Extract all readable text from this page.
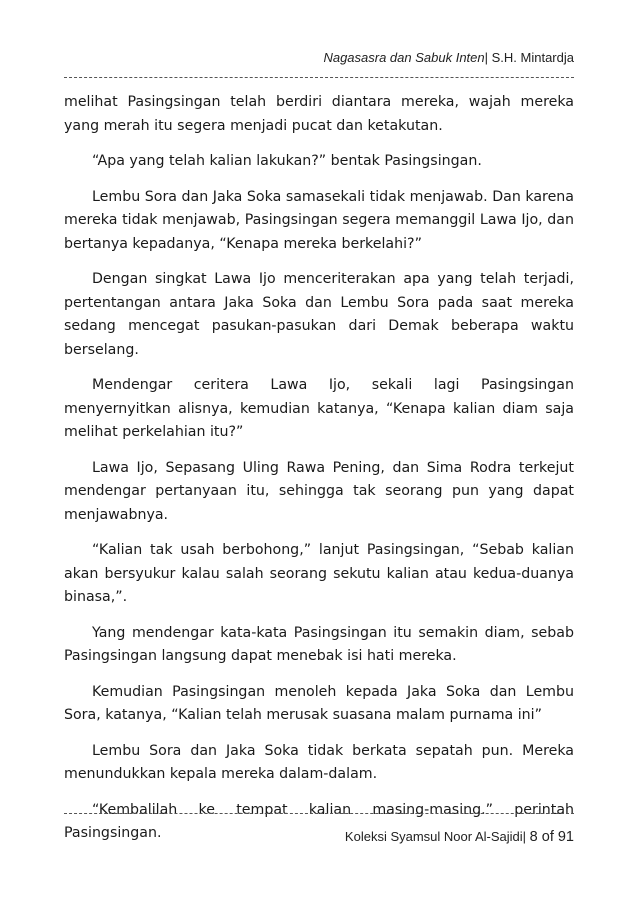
Nagasasra dan Sabuk Inten| S.H. Mintardja

melihat Pasingsingan telah berdiri diantara mereka, wajah mereka yang merah itu segera menjadi pucat dan ketakutan.

“Apa yang telah kalian lakukan?” bentak Pasingsingan.

Lembu Sora dan Jaka Soka samasekali tidak menjawab. Dan karena mereka tidak menjawab, Pasingsingan segera memanggil Lawa Ijo, dan bertanya kepadanya, “Kenapa mereka berkelahi?”

Dengan singkat Lawa Ijo menceriterakan apa yang telah terjadi, pertentangan antara Jaka Soka dan Lembu Sora pada saat mereka sedang mencegat pasukan-pasukan dari Demak beberapa waktu berselang.

Mendengar ceritera Lawa Ijo, sekali lagi Pasingsingan menyernyitkan alisnya, kemudian katanya, “Kenapa kalian diam saja melihat perkelahian itu?”

Lawa Ijo, Sepasang Uling Rawa Pening, dan Sima Rodra terkejut mendengar pertanyaan itu, sehingga tak seorang pun yang dapat menjawabnya.

“Kalian tak usah berbohong,” lanjut Pasingsingan, “Sebab kalian akan bersyukur kalau salah seorang sekutu kalian atau kedua-duanya binasa,”.

Yang mendengar kata-kata Pasingsingan itu semakin diam, sebab Pasingsingan langsung dapat menebak isi hati mereka.

Kemudian Pasingsingan menoleh kepada Jaka Soka dan Lembu Sora, katanya, “Kalian telah merusak suasana malam purnama ini”

Lembu Sora dan Jaka Soka tidak berkata sepatah pun. Mereka menundukkan kepala mereka dalam-dalam.

“Kembalilah ke tempat kalian masing-masing.” perintah Pasingsingan.	Koleksi Syamsul Noor Al-Sajidi| 8 of 91
